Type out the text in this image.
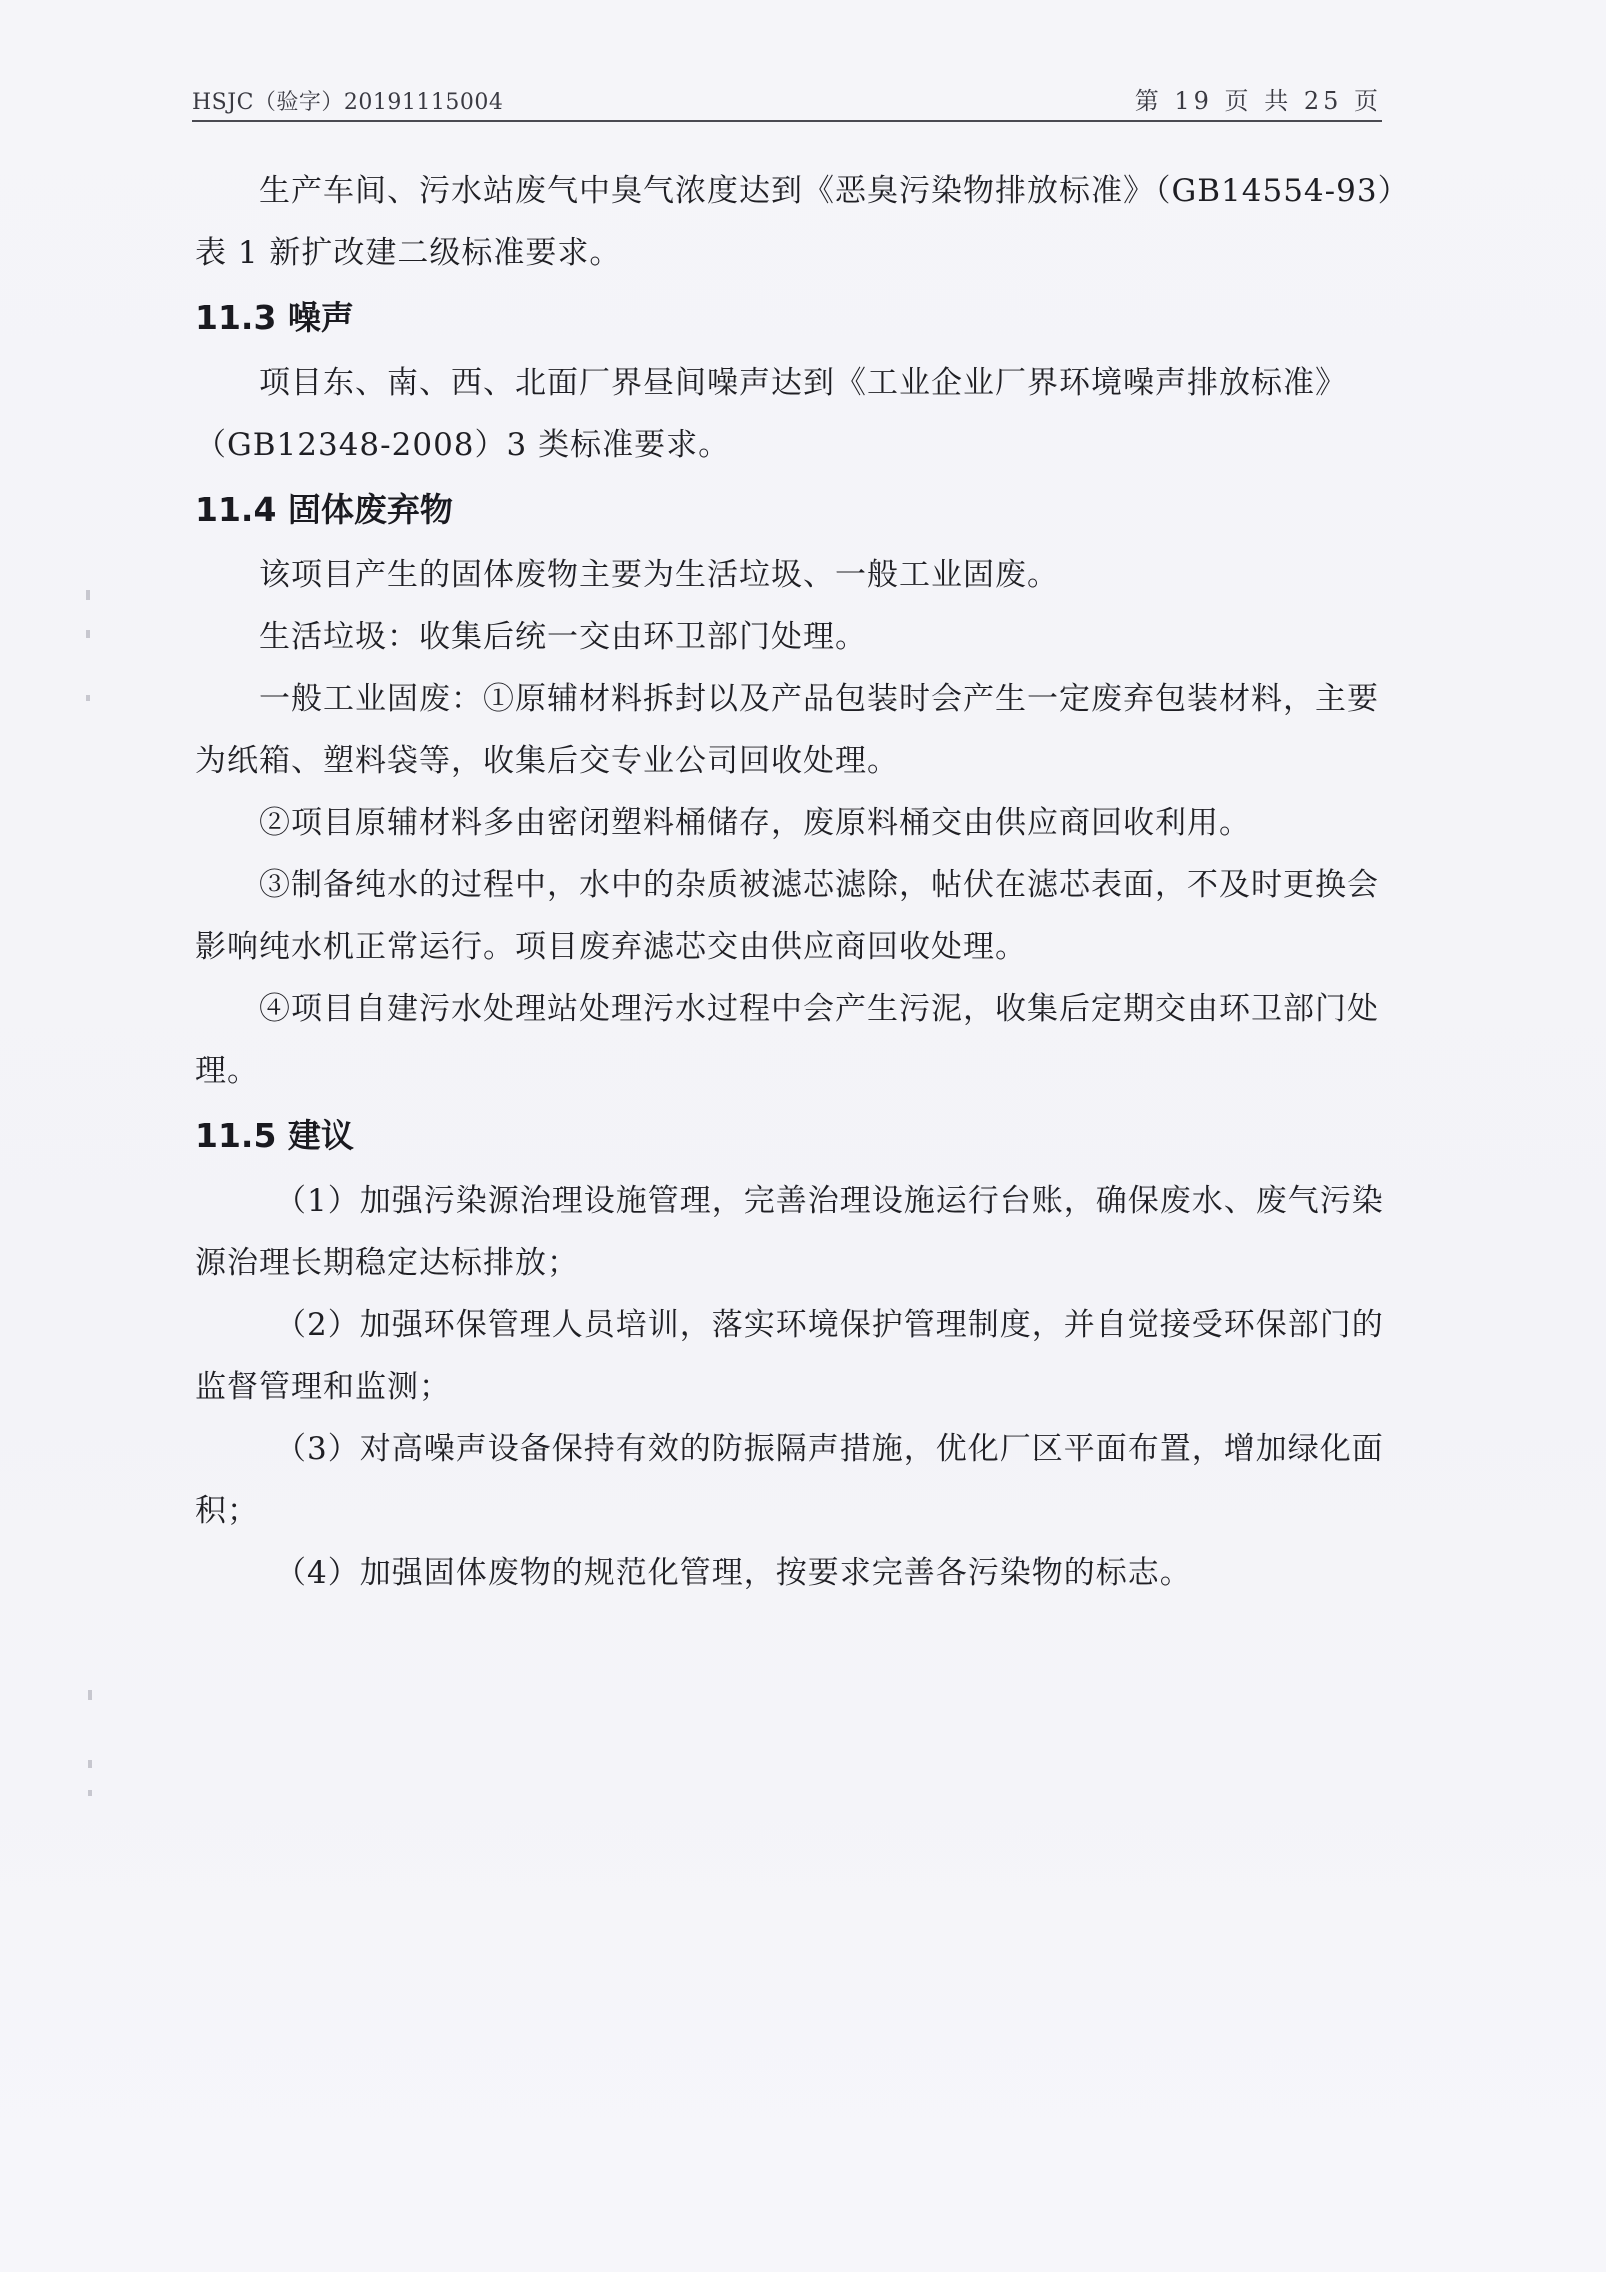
HSJC（验字）20191115004	第 19 页 共 25 页

生产车间、污水站废气中臭气浓度达到《恶臭污染物排放标准》（GB14554-93）表 1 新扩改建二级标准要求。

11.3 噪声

项目东、南、西、北面厂界昼间噪声达到《工业企业厂界环境噪声排放标准》（GB12348-2008）3 类标准要求。

11.4 固体废弃物

该项目产生的固体废物主要为生活垃圾、一般工业固废。

生活垃圾：收集后统一交由环卫部门处理。

一般工业固废：①原辅材料拆封以及产品包装时会产生一定废弃包装材料，主要为纸箱、塑料袋等，收集后交专业公司回收处理。

②项目原辅材料多由密闭塑料桶储存，废原料桶交由供应商回收利用。

③制备纯水的过程中，水中的杂质被滤芯滤除，帖伏在滤芯表面，不及时更换会影响纯水机正常运行。项目废弃滤芯交由供应商回收处理。

④项目自建污水处理站处理污水过程中会产生污泥，收集后定期交由环卫部门处理。

11.5 建议

（1）加强污染源治理设施管理，完善治理设施运行台账，确保废水、废气污染源治理长期稳定达标排放；

（2）加强环保管理人员培训，落实环境保护管理制度，并自觉接受环保部门的监督管理和监测；

（3）对高噪声设备保持有效的防振隔声措施，优化厂区平面布置，增加绿化面积；

（4）加强固体废物的规范化管理，按要求完善各污染物的标志。
